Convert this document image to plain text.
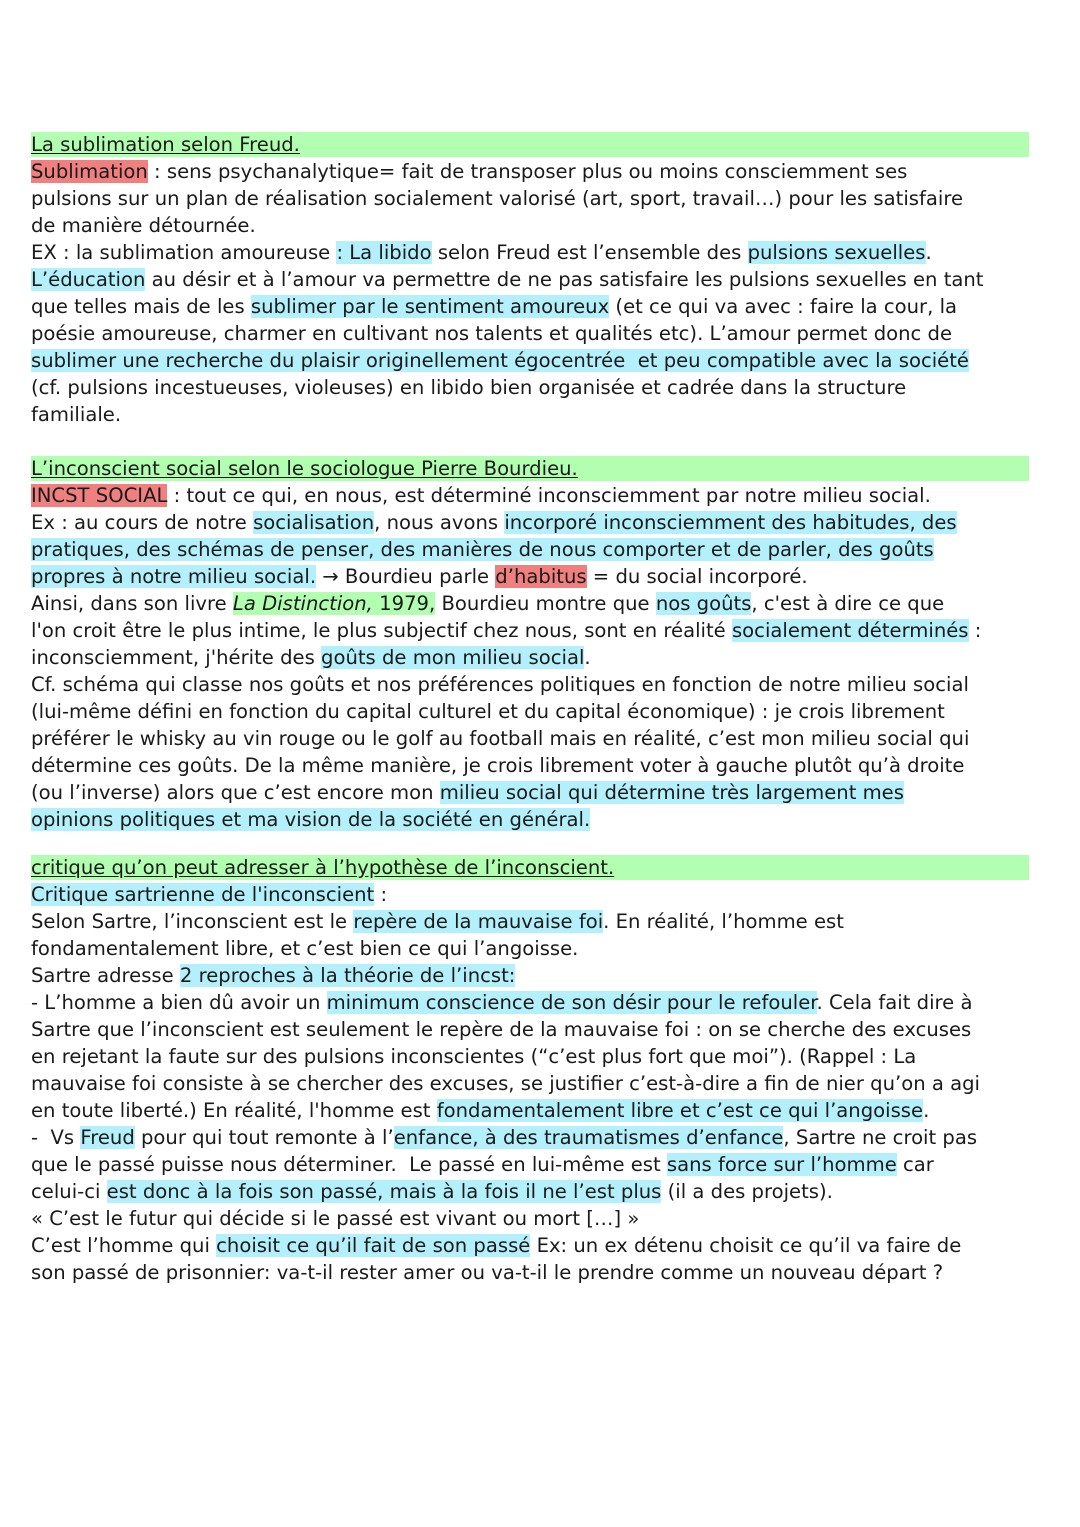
La sublimation selon Freud.
Sublimation : sens psychanalytique= fait de transposer plus ou moins consciemment ses
pulsions sur un plan de réalisation socialement valorisé (art, sport, travail…) pour les satisfaire
de manière détournée.
EX : la sublimation amoureuse : La libido selon Freud est l’ensemble des pulsions sexuelles.
L’éducation au désir et à l’amour va permettre de ne pas satisfaire les pulsions sexuelles en tant
que telles mais de les sublimer par le sentiment amoureux (et ce qui va avec : faire la cour, la
poésie amoureuse, charmer en cultivant nos talents et qualités etc). L’amour permet donc de
sublimer une recherche du plaisir originellement égocentrée  et peu compatible avec la société
(cf. pulsions incestueuses, violeuses) en libido bien organisée et cadrée dans la structure
familiale.
L’inconscient social selon le sociologue Pierre Bourdieu.
INCST SOCIAL : tout ce qui, en nous, est déterminé inconsciemment par notre milieu social.
Ex : au cours de notre socialisation, nous avons incorporé inconsciemment des habitudes, des
pratiques, des schémas de penser, des manières de nous comporter et de parler, des goûts
propres à notre milieu social. → Bourdieu parle d’habitus = du social incorporé.
Ainsi, dans son livre La Distinction, 1979, Bourdieu montre que nos goûts, c'est à dire ce que
l'on croit être le plus intime, le plus subjectif chez nous, sont en réalité socialement déterminés :
inconsciemment, j'hérite des goûts de mon milieu social.
Cf. schéma qui classe nos goûts et nos préférences politiques en fonction de notre milieu social
(lui-même défini en fonction du capital culturel et du capital économique) : je crois librement
préférer le whisky au vin rouge ou le golf au football mais en réalité, c’est mon milieu social qui
détermine ces goûts. De la même manière, je crois librement voter à gauche plutôt qu’à droite
(ou l’inverse) alors que c’est encore mon milieu social qui détermine très largement mes
opinions politiques et ma vision de la société en général.
critique qu’on peut adresser à l’hypothèse de l’inconscient.
Critique sartrienne de l'inconscient :
Selon Sartre, l’inconscient est le repère de la mauvaise foi. En réalité, l’homme est
fondamentalement libre, et c’est bien ce qui l’angoisse.
Sartre adresse 2 reproches à la théorie de l’incst:
- L’homme a bien dû avoir un minimum conscience de son désir pour le refouler. Cela fait dire à
Sartre que l’inconscient est seulement le repère de la mauvaise foi : on se cherche des excuses
en rejetant la faute sur des pulsions inconscientes (“c’est plus fort que moi”). (Rappel : La
mauvaise foi consiste à se chercher des excuses, se justifier c’est-à-dire a fin de nier qu’on a agi
en toute liberté.) En réalité, l'homme est fondamentalement libre et c’est ce qui l’angoisse.
-  Vs Freud pour qui tout remonte à l’enfance, à des traumatismes d’enfance, Sartre ne croit pas
que le passé puisse nous déterminer.  Le passé en lui-même est sans force sur l’homme car
celui-ci est donc à la fois son passé, mais à la fois il ne l’est plus (il a des projets).
« C’est le futur qui décide si le passé est vivant ou mort […] »
C’est l’homme qui choisit ce qu’il fait de son passé Ex: un ex détenu choisit ce qu’il va faire de
son passé de prisonnier: va-t-il rester amer ou va-t-il le prendre comme un nouveau départ ?
